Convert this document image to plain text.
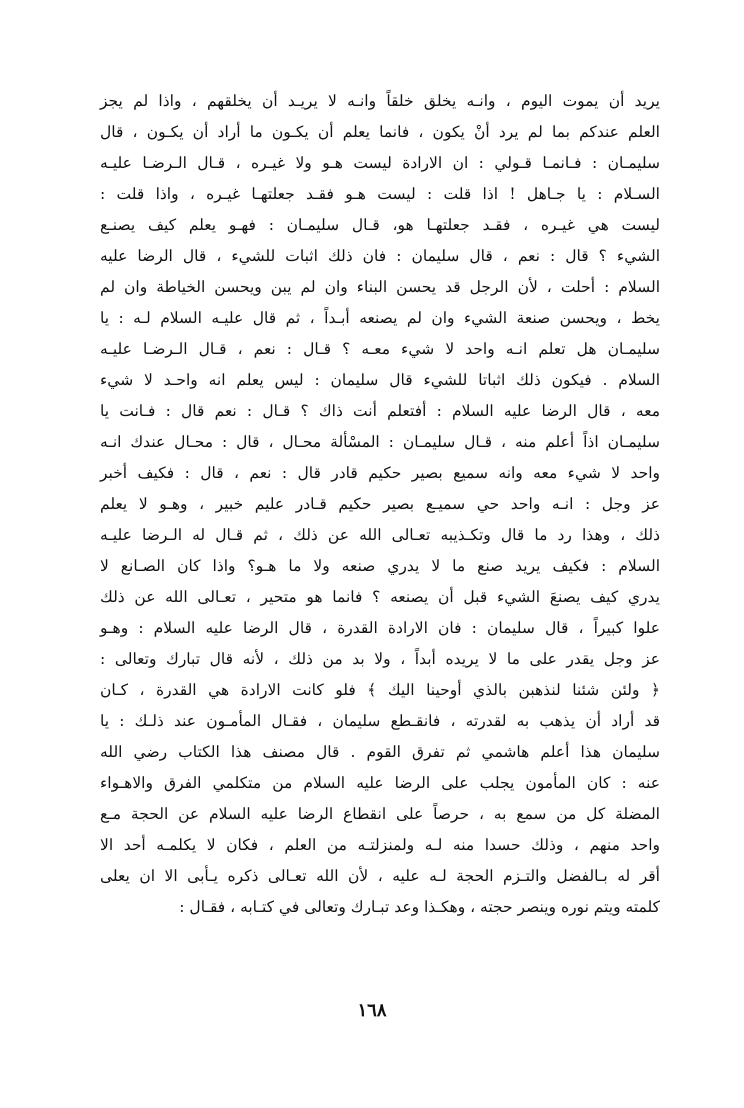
يريد أن يموت اليوم ، وانـه يخلق خلقاً وانـه لا يريـد أن يخلقهم ، واذا لم يجز
العلم عندكم بما لم يرد أنْ يكون ، فانما يعلم أن يكـون ما أراد أن يكـون ، قال
سليمـان : فـانمـا قـولي : ان الارادة ليست هـو ولا غيـره ، قـال الـرضـا عليـه
السـلام : يا جـاهل ! اذا قلت : ليست هـو فقـد جعلتهـا غيـره ، واذا قلت :
ليست هي غيـره ، فقـد جعلتهـا هو، قـال سليمـان : فهـو يعلم كيف يصنـع
الشيء ؟ قال : نعم ، قال سليمان : فان ذلك اثبات للشيء ، قال الرضا عليه
السلام : أحلت ، لأن الرجل قد يحسن البناء وان لم يبن ويحسن الخياطة وان لم
يخط ، ويحسن صنعة الشيء وان لم يصنعه أبـداً ، ثم قال عليـه السلام لـه : يا
سليمـان هل تعلم انـه واحد لا شيء معـه ؟ قـال : نعم ، قـال الـرضـا عليـه
السلام . فيكون ذلك اثباتا للشيء قال سليمان : ليس يعلم انه واحـد لا شيء
معه ، قال الرضا عليه السلام : أفتعلم أنت ذاك ؟ قـال : نعم قال : فـانت يا
سليمـان اذاً أعلم منه ، قـال سليمـان : المسْألة محـال ، قال : محـال عندك انـه
واحد لا شيء معه وانه سميع بصير حكيم قادر قال : نعم ، قال : فكيف أخبر
عز وجل : انـه واحد حي سميـع بصير حكيم قـادر عليم خبير ، وهـو لا يعلم
ذلك ، وهذا رد ما قال وتكـذيبه تعـالى الله عن ذلك ، ثم قـال له الـرضا عليـه
السلام : فكيف يريد صنع ما لا يدري صنعه ولا ما هـو؟ واذا كان الصـانع لا
يدري كيف يصنعَ الشيء قبل أن يصنعه ؟ فانما هو متحير ، تعـالى الله عن ذلك
علوا كبيراً ، قال سليمان : فان الارادة القدرة ، قال الرضا عليه السلام : وهـو
عز وجل يقدر على ما لا يريده أبداً ، ولا بد من ذلك ، لأنه قال تبارك وتعالى :
﴿ ولئن شئنا لنذهبن بالذي أوحينا اليك ﴾ فلو كانت الارادة هي القدرة ، كـان
قد أراد أن يذهب به لقدرته ، فانقـطع سليمان ، فقـال المأمـون عند ذلـك : يا
سليمان هذا أعلم هاشمي ثم تفرق القوم . قال مصنف هذا الكتاب رضي الله
عنه : كان المأمون يجلب على الرضا عليه السلام من متكلمي الفرق والاهـواء
المضلة كل من سمع به ، حرصاً على انقطاع الرضا عليه السلام عن الحجة مـع
واحد منهم ، وذلك حسدا منه لـه ولمنزلتـه من العلم ، فكان لا يكلمـه أحد الا
أقر له بـالفضل والتـزم الحجة لـه عليه ، لأن الله تعـالى ذكره يـأبى الا ان يعلى
كلمته ويتم نوره وينصر حجته ، وهكـذا وعد تبـارك وتعالى في كتـابه ، فقـال :
١٦٨
